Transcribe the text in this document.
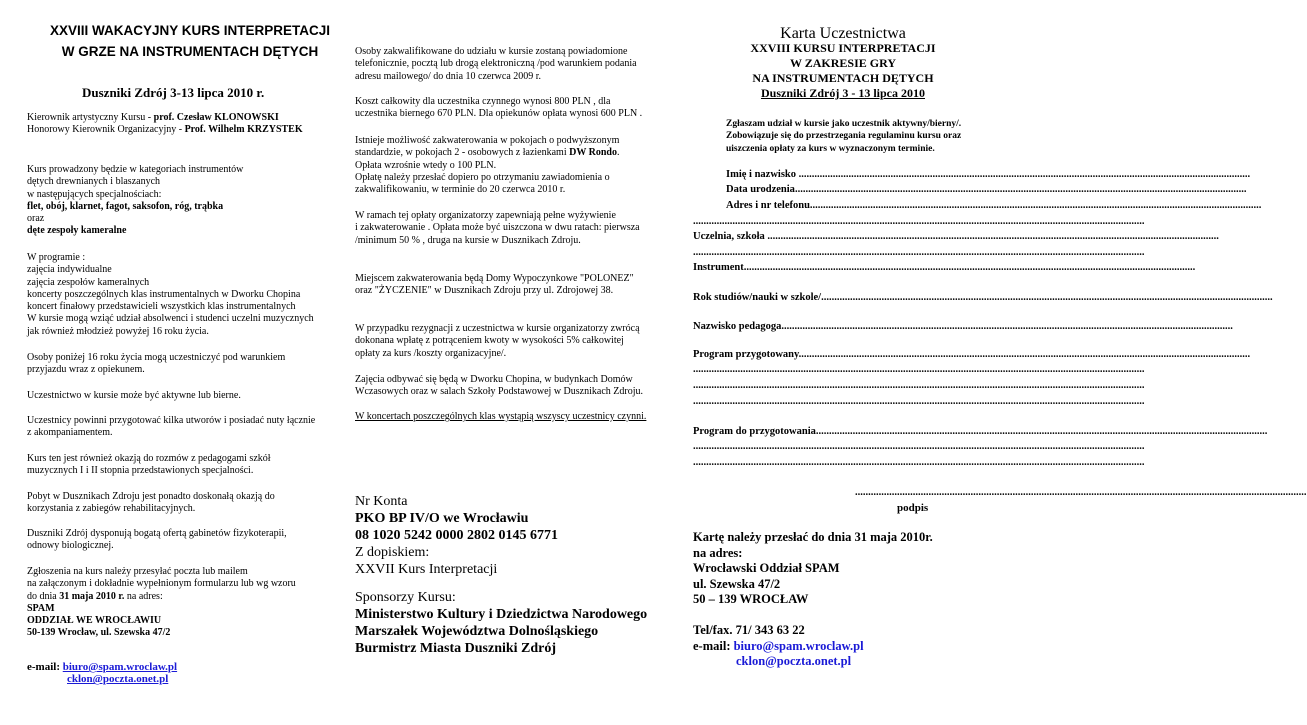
XXVIII WAKACYJNY KURS INTERPRETACJI
W GRZE NA INSTRUMENTACH DĘTYCH
Duszniki Zdrój 3-13 lipca 2010 r.

Kierownik artystyczny Kursu - prof. Czesław KLONOWSKI

Honorowy Kierownik Organizacyjny - Prof. Wilhelm KRZYSTEK

Kurs prowadzony będzie w kategoriach instrumentów

dętych drewnianych i blaszanych

w następujących specjalnościach:

flet, obój, klarnet, fagot, saksofon, róg, trąbka

oraz

dęte zespoły kameralne

W programie :

zajęcia indywidualne

zajęcia zespołów kameralnych

koncerty poszczególnych klas instrumentalnych w Dworku Chopina

koncert finałowy przedstawicieli wszystkich klas instrumentalnych

W kursie mogą wziąć udział absolwenci i studenci uczelni muzycznych

jak również młodzież powyżej 16 roku życia.

Osoby poniżej 16 roku życia mogą uczestniczyć pod warunkiem

przyjazdu wraz z opiekunem.

Uczestnictwo w kursie może być aktywne lub bierne.

Uczestnicy powinni przygotować kilka utworów i posiadać nuty łącznie

z akompaniamentem.

Kurs ten jest również okazją do rozmów z pedagogami szkół

muzycznych I i II stopnia przedstawionych specjalności.

Pobyt w Dusznikach Zdroju jest ponadto doskonałą okazją do

korzystania z zabiegów rehabilitacyjnych.

Duszniki Zdrój dysponują bogatą ofertą gabinetów fizykoterapii,

odnowy biologicznej.

Zgłoszenia na kurs należy przesyłać poczta lub mailem

na załączonym i dokładnie wypełnionym formularzu lub wg wzoru

do dnia 31 maja 2010 r. na adres:

SPAM

ODDZIAŁ WE WROCŁAWIU

50-139 Wrocław, ul. Szewska 47/2

e-mail: biuro@spam.wroclaw.pl

cklon@poczta.onet.pl

Osoby zakwalifikowane do udziału w kursie zostaną powiadomione

telefonicznie, pocztą lub drogą elektroniczną /pod warunkiem podania

adresu mailowego/ do dnia 10 czerwca 2009 r.

Koszt całkowity dla uczestnika czynnego wynosi 800 PLN , dla

uczestnika biernego 670 PLN. Dla opiekunów opłata wynosi 600 PLN .

Istnieje możliwość zakwaterowania w pokojach o podwyższonym

standardzie, w pokojach 2 - osobowych z łazienkami DW Rondo.

Opłata wzrośnie wtedy o 100 PLN.

Opłatę należy przesłać dopiero po otrzymaniu zawiadomienia o

zakwalifikowaniu, w terminie do 20 czerwca 2010 r.

W ramach tej opłaty organizatorzy zapewniają pełne wyżywienie

i zakwaterowanie . Opłata może być uiszczona w dwu ratach: pierwsza

/minimum 50 % , druga na kursie w Dusznikach Zdroju.

Miejscem zakwaterowania będą Domy Wypoczynkowe "POLONEZ"

oraz "ŻYCZENIE" w Dusznikach Zdroju przy ul. Zdrojowej 38.

W przypadku rezygnacji z uczestnictwa w kursie organizatorzy zwrócą

dokonana wpłatę z potrąceniem kwoty w wysokości 5% całkowitej

opłaty za kurs /koszty organizacyjne/.

Zajęcia odbywać się będą w Dworku Chopina, w budynkach Domów

Wczasowych oraz w salach Szkoły Podstawowej w Dusznikach Zdroju.

W koncertach poszczególnych klas wystąpią wszyscy uczestnicy czynni.

Nr Konta

PKO BP IV/O we Wrocławiu

08 1020 5242 0000 2802 0145 6771

Z dopiskiem:

XXVII Kurs Interpretacji

Sponsorzy Kursu:

Ministerstwo Kultury i Dziedzictwa Narodowego

Marszałek Województwa Dolnośląskiego

Burmistrz Miasta Duszniki Zdrój

Karta Uczestnictwa
XXVIII KURSU INTERPRETACJI
W ZAKRESIE GRY
NA INSTRUMENTACH DĘTYCH
Duszniki Zdrój 3 - 13 lipca 2010

Zgłaszam udział w kursie jako uczestnik aktywny/bierny/.

Zobowiązuje się do przestrzegania regulaminu kursu oraz

uiszczenia opłaty za kurs w wyznaczonym terminie.

Imię i nazwisko ............................................................................................................................................................................
Data urodzenia............................................................................................................................................................................
Adres i nr telefonu............................................................................................................................................................................
............................................................................................................................................................................
Uczelnia, szkoła ............................................................................................................................................................................
............................................................................................................................................................................
Instrument............................................................................................................................................................................
Rok studiów/nauki w szkole/............................................................................................................................................................................
Nazwisko pedagoga............................................................................................................................................................................
Program przygotowany............................................................................................................................................................................
............................................................................................................................................................................
............................................................................................................................................................................
............................................................................................................................................................................
Program do przygotowania............................................................................................................................................................................
............................................................................................................................................................................
............................................................................................................................................................................
............................................................................................................................................................................
podpis

Kartę należy przesłać do dnia 31 maja 2010r.

na adres:

Wrocławski Oddział SPAM

ul. Szewska 47/2

50 – 139 WROCŁAW

Tel/fax. 71/ 343 63 22

e-mail: biuro@spam.wroclaw.pl

cklon@poczta.onet.pl
